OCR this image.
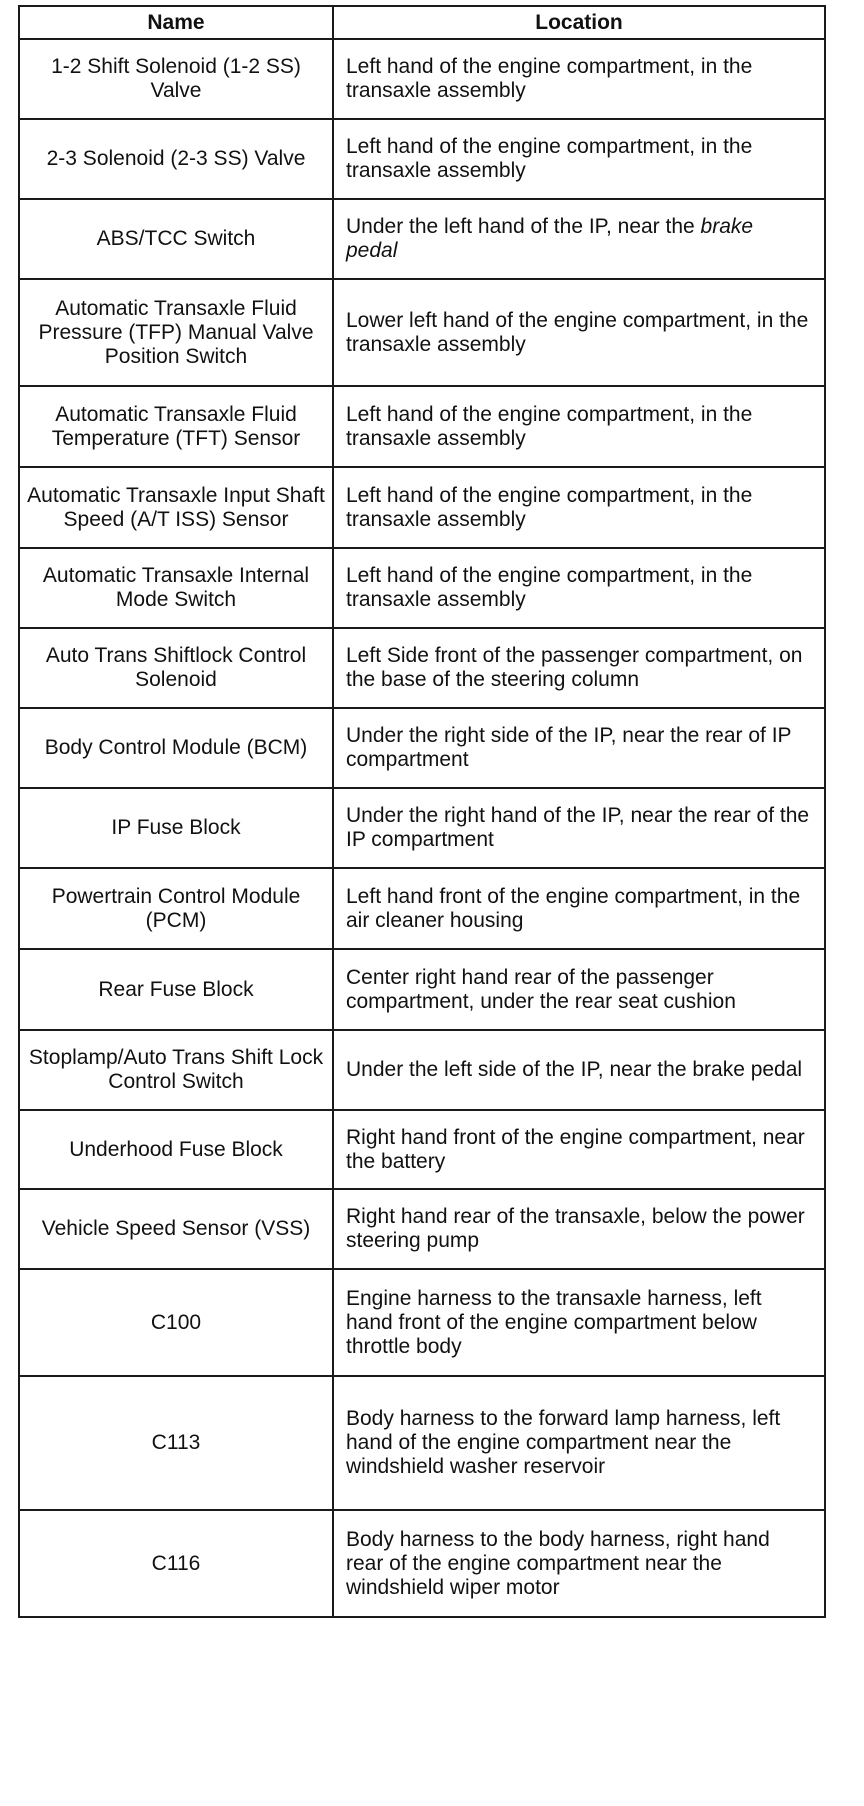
Name	Location
1-2 Shift Solenoid (1-2 SS) Valve	Left hand of the engine compartment, in the transaxle assembly
2-3 Solenoid (2-3 SS) Valve	Left hand of the engine compartment, in the transaxle assembly
ABS/TCC Switch	Under the left hand of the IP, near the brake pedal
Automatic Transaxle Fluid Pressure (TFP) Manual Valve Position Switch	Lower left hand of the engine compartment, in the transaxle assembly
Automatic Transaxle Fluid Temperature (TFT) Sensor	Left hand of the engine compartment, in the transaxle assembly
Automatic Transaxle Input Shaft Speed (A/T ISS) Sensor	Left hand of the engine compartment, in the transaxle assembly
Automatic Transaxle Internal Mode Switch	Left hand of the engine compartment, in the transaxle assembly
Auto Trans Shiftlock Control Solenoid	Left Side front of the passenger compartment, on the base of the steering column
Body Control Module (BCM)	Under the right side of the IP, near the rear of IP compartment
IP Fuse Block	Under the right hand of the IP, near the rear of the IP compartment
Powertrain Control Module (PCM)	Left hand front of the engine compartment, in the air cleaner housing
Rear Fuse Block	Center right hand rear of the passenger compartment, under the rear seat cushion
Stoplamp/Auto Trans Shift Lock Control Switch	Under the left side of the IP, near the brake pedal
Underhood Fuse Block	Right hand front of the engine compartment, near the battery
Vehicle Speed Sensor (VSS)	Right hand rear of the transaxle, below the power steering pump
C100	Engine harness to the transaxle harness, left hand front of the engine compartment below throttle body
C113	Body harness to the forward lamp harness, left hand of the engine compartment near the windshield washer reservoir
C116	Body harness to the body harness, right hand rear of the engine compartment near the windshield wiper motor
